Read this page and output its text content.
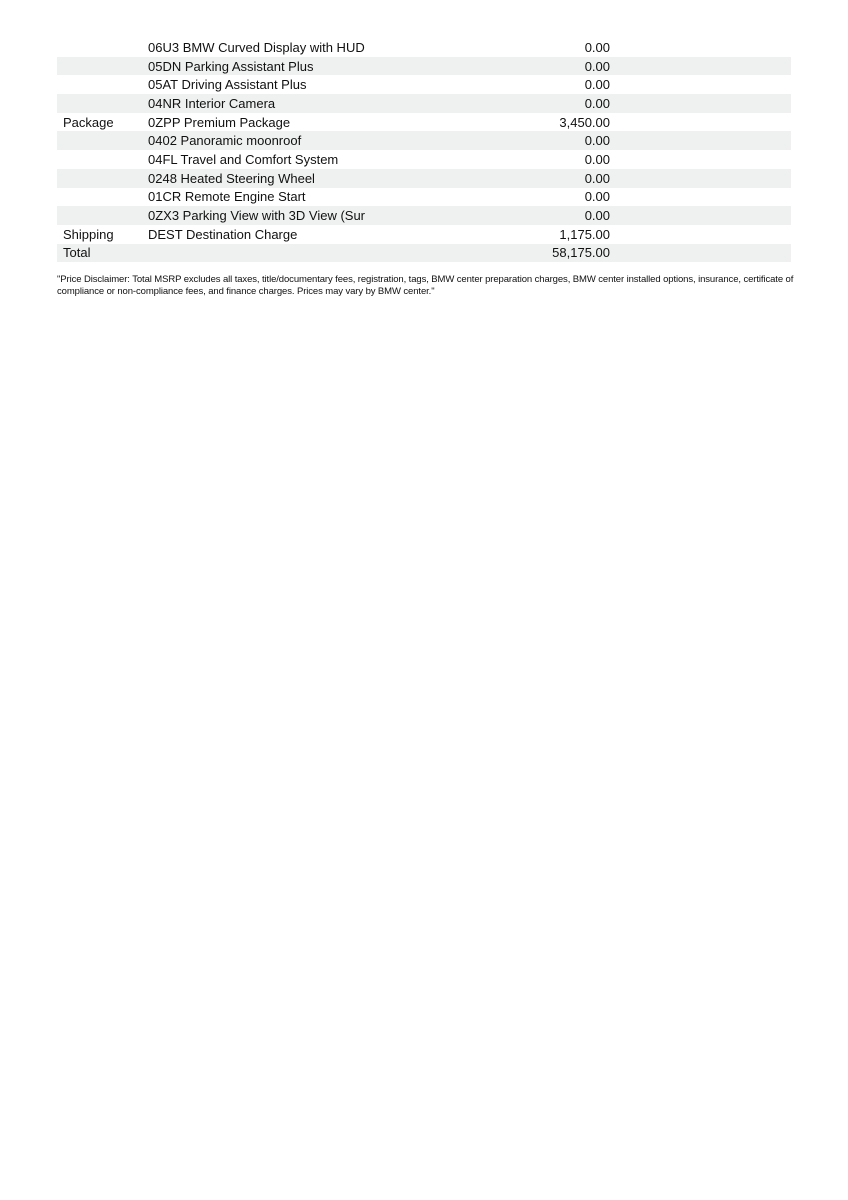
06U3 BMW Curved Display with HUD	0.00
05DN Parking Assistant Plus	0.00
05AT Driving Assistant Plus	0.00
04NR Interior Camera	0.00
Package	0ZPP Premium Package	3,450.00
0402 Panoramic moonroof	0.00
04FL Travel and Comfort System	0.00
0248 Heated Steering Wheel	0.00
01CR Remote Engine Start	0.00
0ZX3 Parking View with 3D View (Sur	0.00
Shipping	DEST Destination Charge	1,175.00
Total	58,175.00

"Price Disclaimer: Total MSRP excludes all taxes, title/documentary fees, registration, tags, BMW center preparation charges, BMW center installed options, insurance, certificate of compliance or non-compliance fees, and finance charges. Prices may vary by BMW center."
